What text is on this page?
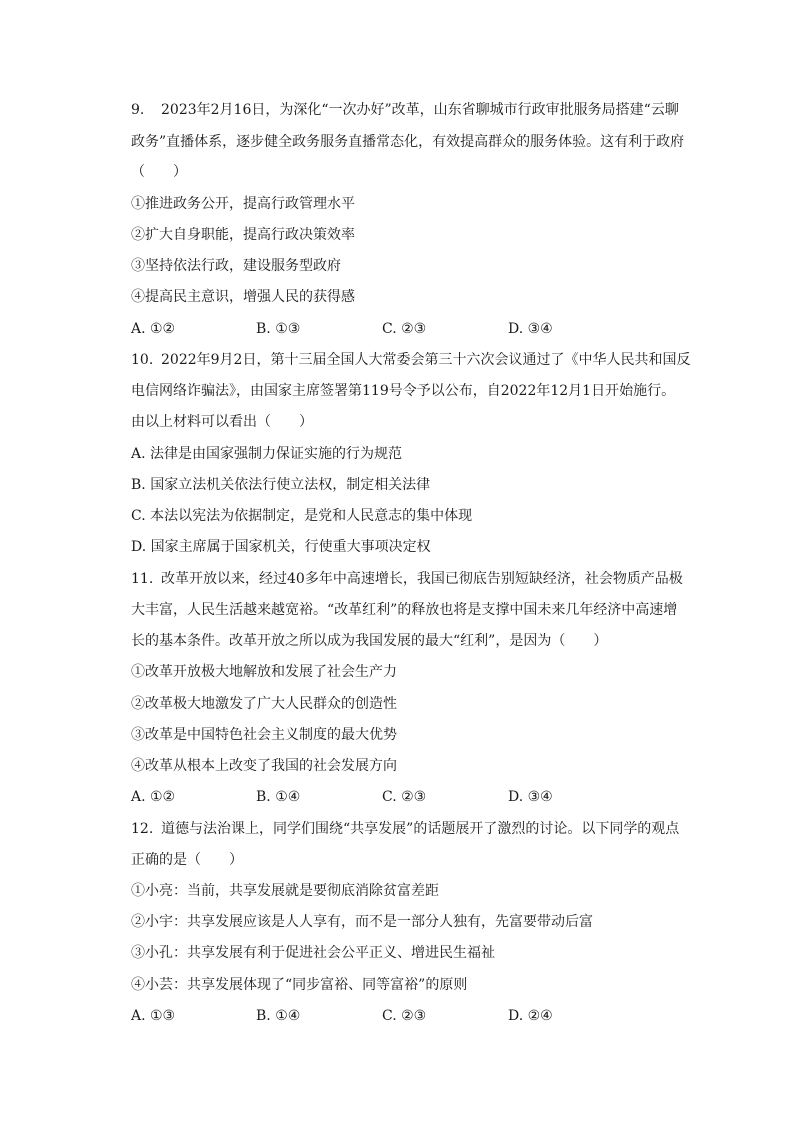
9. 2023年2月16日，为深化“一次办好”改革，山东省聊城市行政审批服务局搭建“云聊
政务”直播体系，逐步健全政务服务直播常态化，有效提高群众的服务体验。这有利于政府
（　　）
①推进政务公开，提高行政管理水平
②扩大自身职能，提高行政决策效率
③坚持依法行政，建设服务型政府
④提高民主意识，增强人民的获得感
A. ①②	B. ①③	C. ②③	D. ③④
10. 2022年9月2日，第十三届全国人大常委会第三十六次会议通过了《中华人民共和国反
电信网络诈骗法》，由国家主席签署第119号令予以公布，自2022年12月1日开始施行。
由以上材料可以看出（　　）
A. 法律是由国家强制力保证实施的行为规范
B. 国家立法机关依法行使立法权，制定相关法律
C. 本法以宪法为依据制定，是党和人民意志的集中体现
D. 国家主席属于国家机关，行使重大事项决定权
11. 改革开放以来，经过40多年中高速增长，我国已彻底告别短缺经济，社会物质产品极
大丰富，人民生活越来越宽裕。“改革红利”的释放也将是支撑中国未来几年经济中高速增
长的基本条件。改革开放之所以成为我国发展的最大“红利”，是因为（　　）
①改革开放极大地解放和发展了社会生产力
②改革极大地激发了广大人民群众的创造性
③改革是中国特色社会主义制度的最大优势
④改革从根本上改变了我国的社会发展方向
A. ①②	B. ①④	C. ②③	D. ③④
12. 道德与法治课上，同学们围绕“共享发展”的话题展开了激烈的讨论。以下同学的观点
正确的是（　　）
①小亮：当前，共享发展就是要彻底消除贫富差距
②小宇：共享发展应该是人人享有，而不是一部分人独有，先富要带动后富
③小孔：共享发展有利于促进社会公平正义、增进民生福祉
④小芸：共享发展体现了“同步富裕、同等富裕”的原则
A. ①③	B. ①④	C. ②③	D. ②④
